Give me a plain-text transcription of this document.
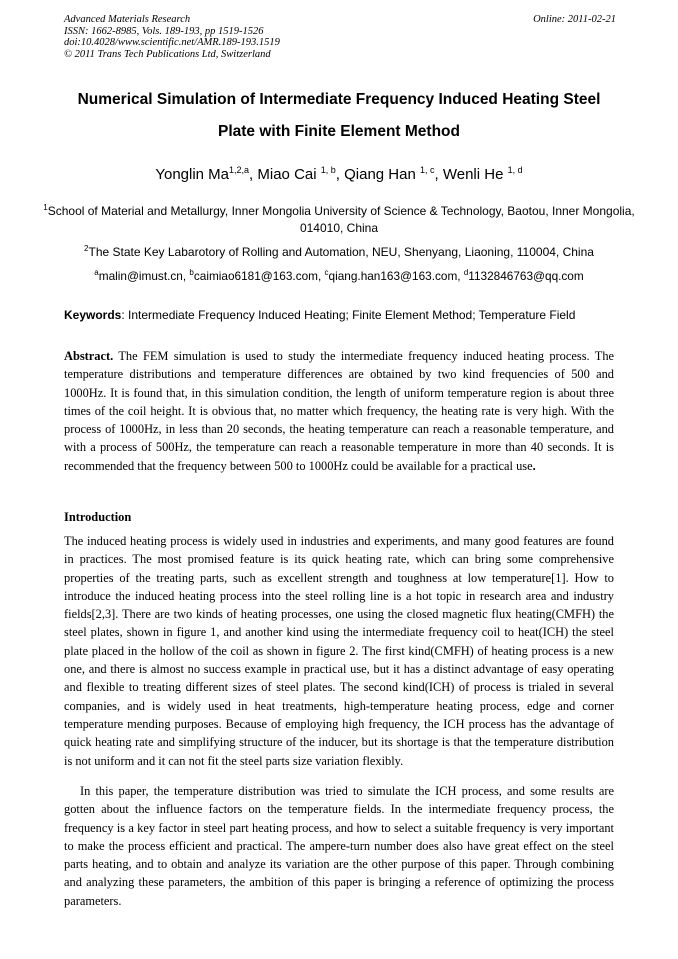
Advanced Materials Research
ISSN: 1662-8985, Vols. 189-193, pp 1519-1526
doi:10.4028/www.scientific.net/AMR.189-193.1519
© 2011 Trans Tech Publications Ltd, Switzerland
Online: 2011-02-21
Numerical Simulation of Intermediate Frequency Induced Heating Steel
Plate with Finite Element Method
Yonglin Ma$^{1,2,a}$, Miao Cai $^{1, b}$, Qiang Han $^{1, c}$, Wenli He $^{1, d}$
$^1$School of Material and Metallurgy, Inner Mongolia University of Science & Technology, Baotou, Inner Mongolia, 014010, China
$^2$The State Key Labarotory of Rolling and Automation, NEU, Shenyang, Liaoning, 110004, China
$^a$malin@imust.cn, $^b$caimiao6181@163.com, $^c$qiang.han163@163.com, $^d$1132846763@qq.com
Keywords: Intermediate Frequency Induced Heating; Finite Element Method; Temperature Field
Abstract. The FEM simulation is used to study the intermediate frequency induced heating process. The temperature distributions and temperature differences are obtained by two kind frequencies of 500 and 1000Hz. It is found that, in this simulation condition, the length of uniform temperature region is about three times of the coil height. It is obvious that, no matter which frequency, the heating rate is very high. With the process of 1000Hz, in less than 20 seconds, the heating temperature can reach a reasonable temperature, and with a process of 500Hz, the temperature can reach a reasonable temperature in more than 40 seconds. It is recommended that the frequency between 500 to 1000Hz could be available for a practical use.
Introduction
The induced heating process is widely used in industries and experiments, and many good features are found in practices. The most promised feature is its quick heating rate, which can bring some comprehensive properties of the treating parts, such as excellent strength and toughness at low temperature[1]. How to introduce the induced heating process into the steel rolling line is a hot topic in research area and industry fields[2,3]. There are two kinds of heating processes, one using the closed magnetic flux heating(CMFH) the steel plates, shown in figure 1, and another kind using the intermediate frequency coil to heat(ICH) the steel plate placed in the hollow of the coil as shown in figure 2. The first kind(CMFH) of heating process is a new one, and there is almost no success example in practical use, but it has a distinct advantage of easy operating and flexible to treating different sizes of steel plates. The second kind(ICH) of process is trialed in several companies, and is widely used in heat treatments, high-temperature heating process, edge and corner temperature mending purposes. Because of employing high frequency, the ICH process has the advantage of quick heating rate and simplifying structure of the inducer, but its shortage is that the temperature distribution is not uniform and it can not fit the steel parts size variation flexibly.
In this paper, the temperature distribution was tried to simulate the ICH process, and some results are gotten about the influence factors on the temperature fields. In the intermediate frequency process, the frequency is a key factor in steel part heating process, and how to select a suitable frequency is very important to make the process efficient and practical. The ampere-turn number does also have great effect on the steel parts heating, and to obtain and analyze its variation are the other purpose of this paper. Through combining and analyzing these parameters, the ambition of this paper is bringing a reference of optimizing the process parameters.
